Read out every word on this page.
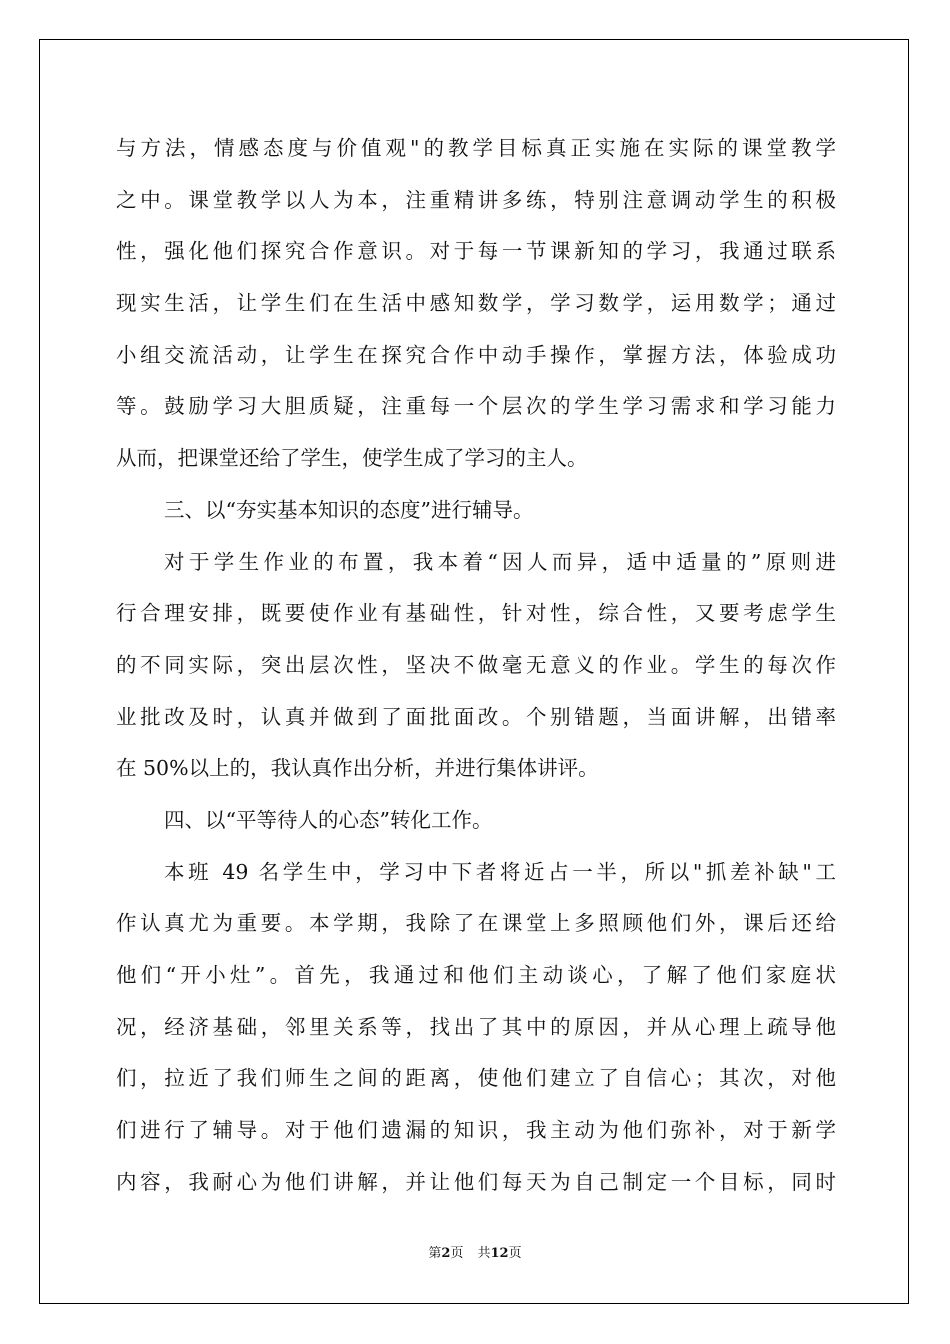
与方法，情感态度与价值观"的教学目标真正实施在实际的课堂教学
之中。课堂教学以人为本，注重精讲多练，特别注意调动学生的积极
性，强化他们探究合作意识。对于每一节课新知的学习，我通过联系
现实生活，让学生们在生活中感知数学，学习数学，运用数学；通过
小组交流活动，让学生在探究合作中动手操作，掌握方法，体验成功
等。鼓励学习大胆质疑，注重每一个层次的学生学习需求和学习能力
从而，把课堂还给了学生，使学生成了学习的主人。
三、以“夯实基本知识的态度”进行辅导。
对于学生作业的布置，我本着“因人而异，适中适量的”原则进
行合理安排，既要使作业有基础性，针对性，综合性，又要考虑学生
的不同实际，突出层次性，坚决不做毫无意义的作业。学生的每次作
业批改及时，认真并做到了面批面改。个别错题，当面讲解，出错率
在 50%以上的，我认真作出分析，并进行集体讲评。
四、以“平等待人的心态”转化工作。
本班 49 名学生中，学习中下者将近占一半，所以"抓差补缺"工
作认真尤为重要。本学期，我除了在课堂上多照顾他们外，课后还给
他们“开小灶”。首先，我通过和他们主动谈心，了解了他们家庭状
况，经济基础，邻里关系等，找出了其中的原因，并从心理上疏导他
们，拉近了我们师生之间的距离，使他们建立了自信心；其次，对他
们进行了辅导。对于他们遗漏的知识，我主动为他们弥补，对于新学
内容，我耐心为他们讲解，并让他们每天为自己制定一个目标，同时
第2页 共12页
